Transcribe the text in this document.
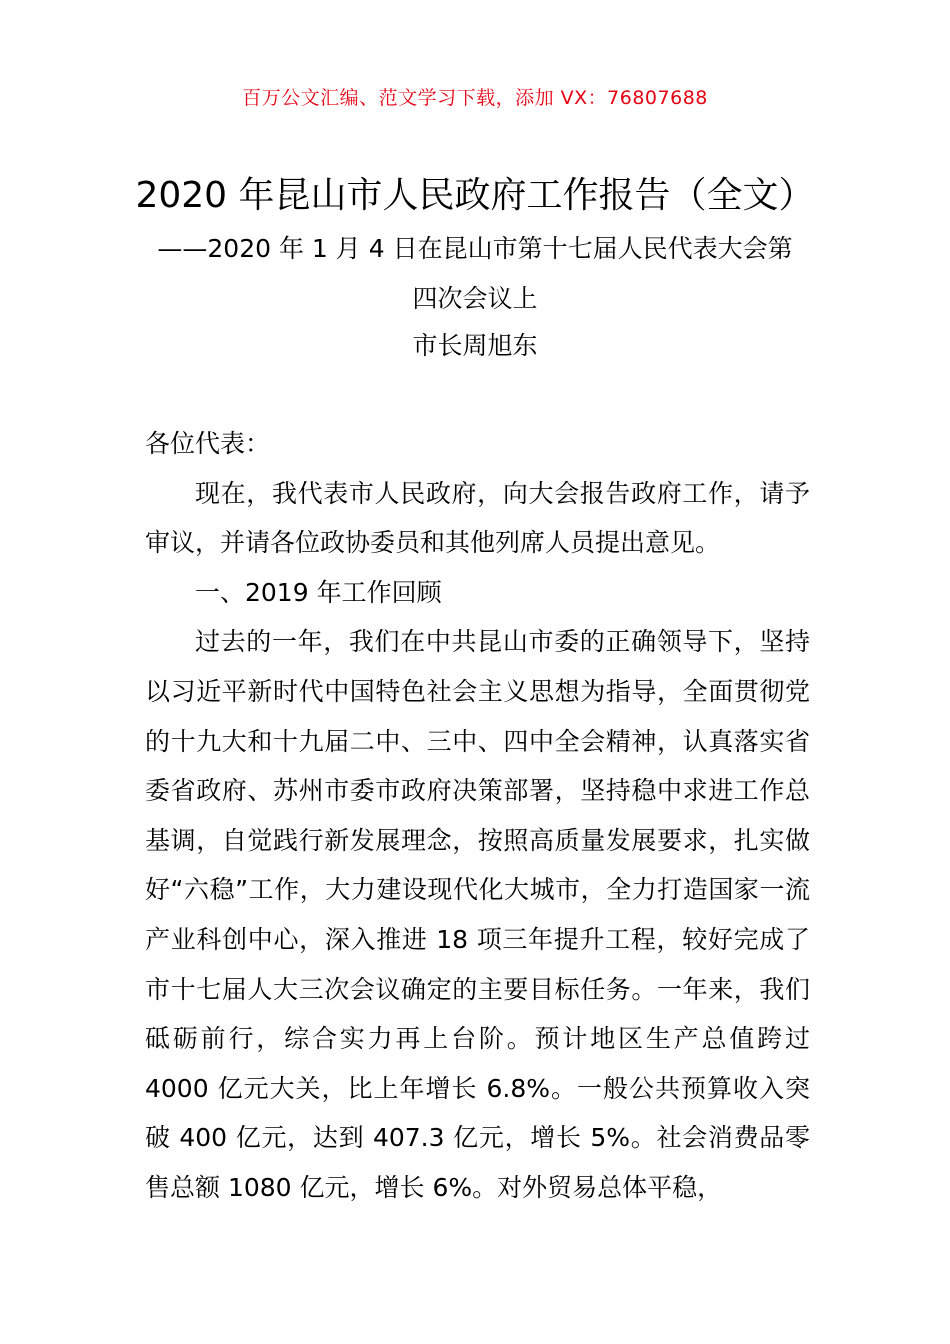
百万公文汇编、范文学习下载，添加 VX：76807688
2020 年昆山市人民政府工作报告（全文）
——2020 年 1 月 4 日在昆山市第十七届人民代表大会第四次会议上
市长周旭东

各位代表：

现在，我代表市人民政府，向大会报告政府工作，请予审议，并请各位政协委员和其他列席人员提出意见。

一、2019 年工作回顾

过去的一年，我们在中共昆山市委的正确领导下，坚持以习近平新时代中国特色社会主义思想为指导，全面贯彻党的十九大和十九届二中、三中、四中全会精神，认真落实省委省政府、苏州市委市政府决策部署，坚持稳中求进工作总基调，自觉践行新发展理念，按照高质量发展要求，扎实做好“六稳”工作，大力建设现代化大城市，全力打造国家一流产业科创中心，深入推进 18 项三年提升工程，较好完成了市十七届人大三次会议确定的主要目标任务。一年来，我们砥砺前行，综合实力再上台阶。预计地区生产总值跨过 4000 亿元大关，比上年增长 6.8%。一般公共预算收入突破 400 亿元，达到 407.3 亿元，增长 5%。社会消费品零售总额 1080 亿元，增长 6%。对外贸易总体平稳，
